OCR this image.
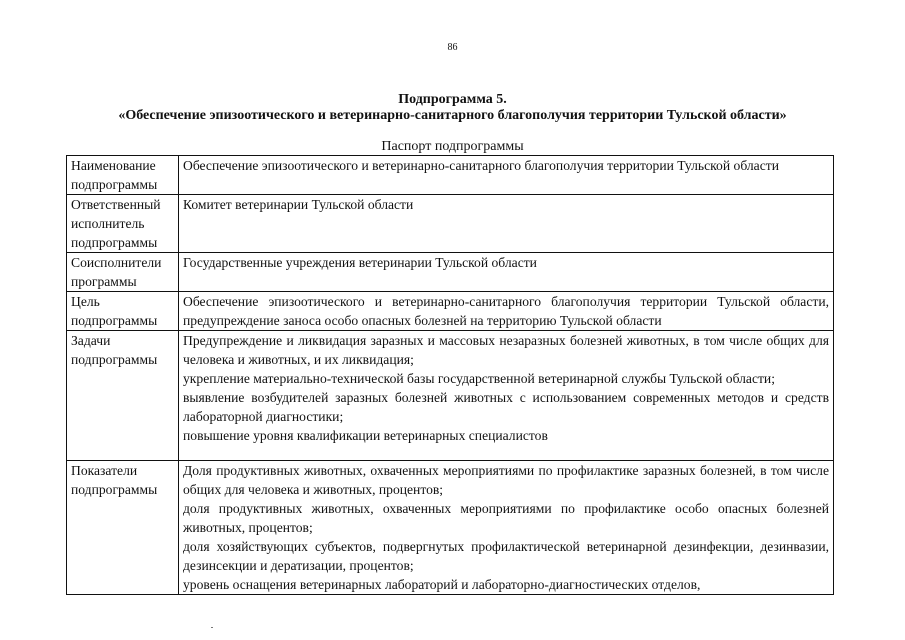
86
Подпрограмма 5.
«Обеспечение эпизоотического и ветеринарно-санитарного благополучия территории Тульской области»
Паспорт подпрограммы
Наименование подпрограммы	Обеспечение эпизоотического и ветеринарно-санитарного благополучия территории Тульской области

Ответственный исполнитель подпрограммы	Комитет ветеринарии Тульской области

Соисполнители программы	Государственные учреждения ветеринарии Тульской области

Цель подпрограммы	Обеспечение эпизоотического и ветеринарно-санитарного благополучия территории Тульской области, предупреждение заноса особо опасных болезней на территорию Тульской области

Задачи подпрограммы	Предупреждение и ликвидация заразных и массовых незаразных болезней животных, в том числе общих для человека и животных, и их ликвидация;
укрепление материально-технической базы государственной ветеринарной службы Тульской области;
выявление возбудителей заразных болезней животных с использованием современных методов и средств лабораторной диагностики;
повышение уровня квалификации ветеринарных специалистов

Показатели подпрограммы	Доля продуктивных животных, охваченных мероприятиями по профилактике заразных болезней, в том числе общих для человека и животных, процентов;
доля продуктивных животных, охваченных мероприятиями по профилактике особо опасных болезней животных, процентов;
доля хозяйствующих субъектов, подвергнутых профилактической ветеринарной дезинфекции, дезинвазии, дезинсекции и дератизации, процентов;
уровень оснащения ветеринарных лабораторий и лабораторно-диагностических отделов,
